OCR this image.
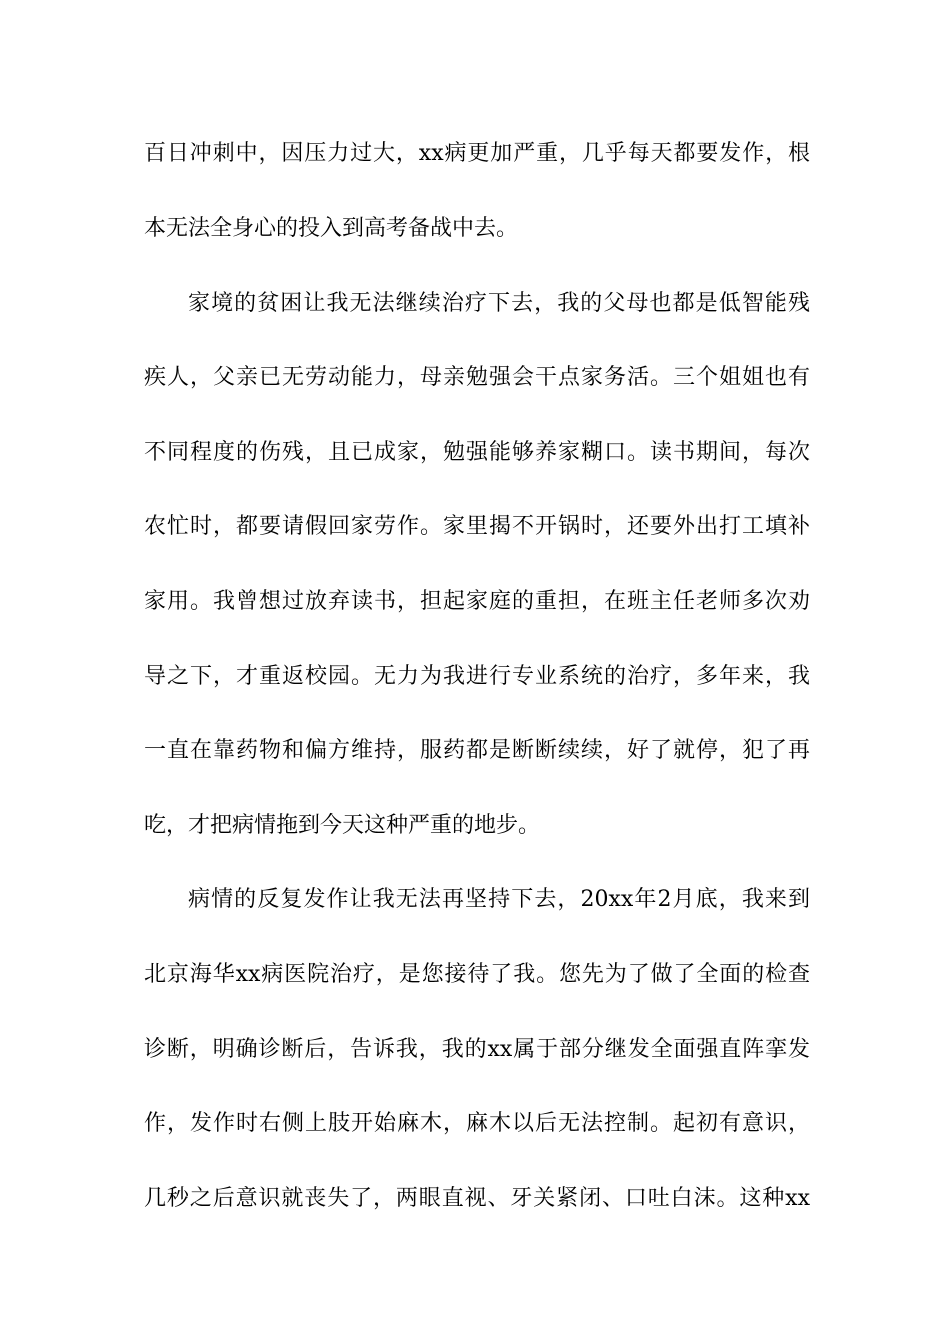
百日冲刺中，因压力过大，xx病更加严重，几乎每天都要发作，根
本无法全身心的投入到高考备战中去。
家境的贫困让我无法继续治疗下去，我的父母也都是低智能残
疾人，父亲已无劳动能力，母亲勉强会干点家务活。三个姐姐也有
不同程度的伤残，且已成家，勉强能够养家糊口。读书期间，每次
农忙时，都要请假回家劳作。家里揭不开锅时，还要外出打工填补
家用。我曾想过放弃读书，担起家庭的重担，在班主任老师多次劝
导之下，才重返校园。无力为我进行专业系统的治疗，多年来，我
一直在靠药物和偏方维持，服药都是断断续续，好了就停，犯了再
吃，才把病情拖到今天这种严重的地步。
病情的反复发作让我无法再坚持下去，20xx年2月底，我来到
北京海华xx病医院治疗，是您接待了我。您先为了做了全面的检查
诊断，明确诊断后，告诉我，我的xx属于部分继发全面强直阵挛发
作，发作时右侧上肢开始麻木，麻木以后无法控制。起初有意识，
几秒之后意识就丧失了，两眼直视、牙关紧闭、口吐白沫。这种xx
